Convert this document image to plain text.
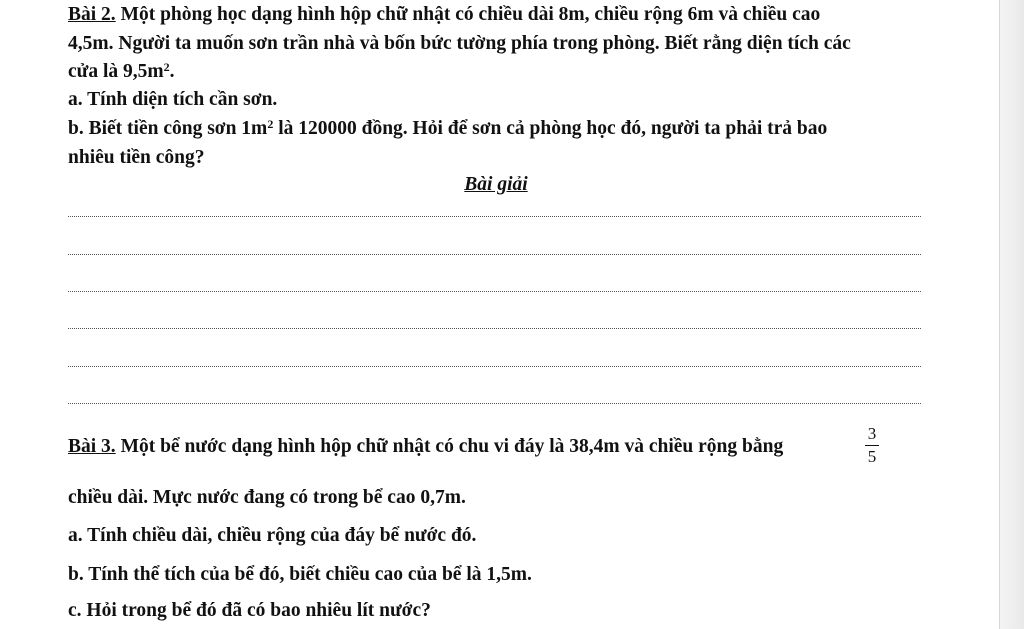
Bài 2. Một phòng học dạng hình hộp chữ nhật có chiều dài 8m, chiều rộng 6m và chiều cao

4,5m. Người ta muốn sơn trần nhà và bốn bức tường phía trong phòng. Biết rằng diện tích các

cửa là $9,5m^2$.

a. Tính diện tích cần sơn.

b. Biết tiền công sơn $1m^2$ là 120000 đồng. Hỏi để sơn cả phòng học đó, người ta phải trả bao

nhiêu tiền công?

Bài giải

Bài 3. Một bể nước dạng hình hộp chữ nhật có chu vi đáy là 38,4m và chiều rộng bằng

3
5

chiều dài. Mực nước đang có trong bể cao 0,7m.

a. Tính chiều dài, chiều rộng của đáy bể nước đó.

b. Tính thể tích của bể đó, biết chiều cao của bể là 1,5m.

c. Hỏi trong bể đó đã có bao nhiêu lít nước?
